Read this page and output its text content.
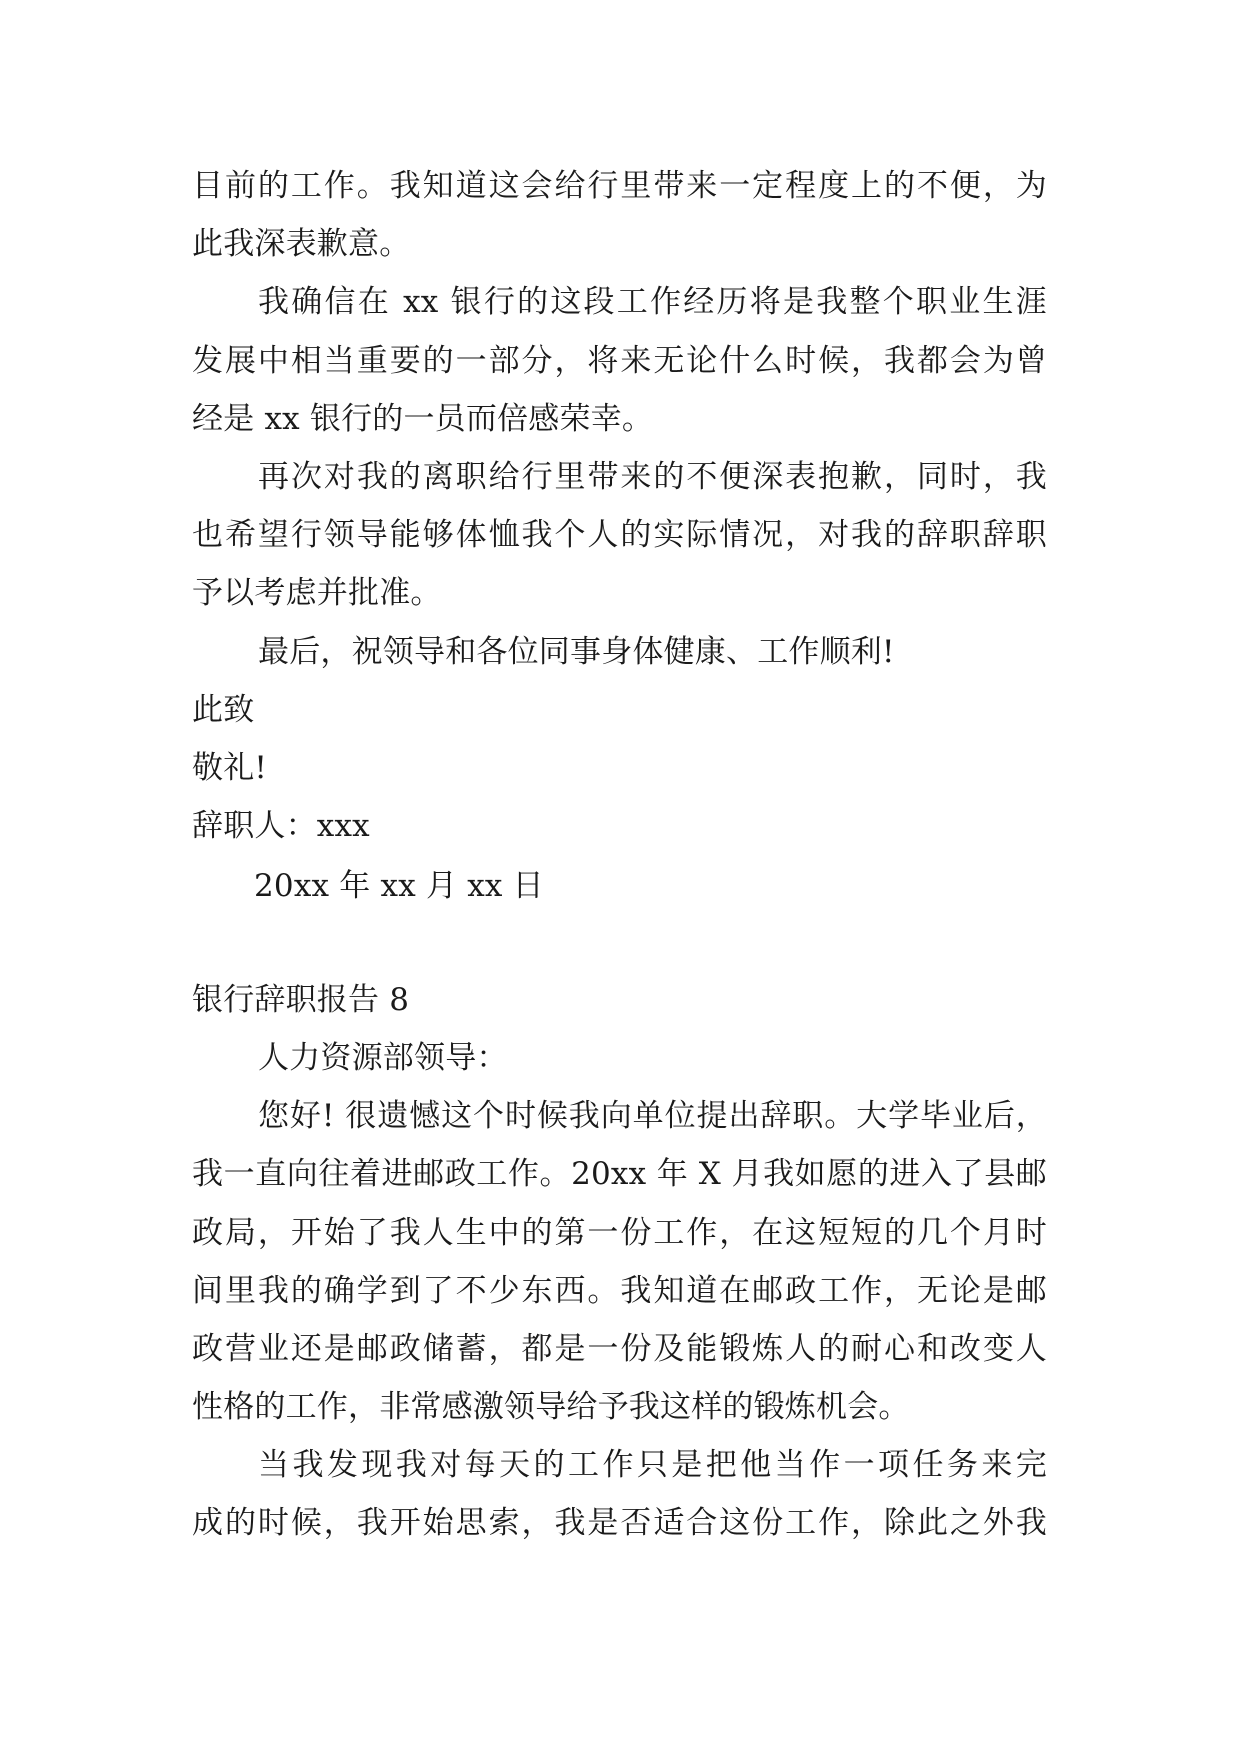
目前的工作。我知道这会给行里带来一定程度上的不便，为
此我深表歉意。
我确信在 xx 银行的这段工作经历将是我整个职业生涯
发展中相当重要的一部分，将来无论什么时候，我都会为曾
经是 xx 银行的一员而倍感荣幸。
再次对我的离职给行里带来的不便深表抱歉，同时，我
也希望行领导能够体恤我个人的实际情况，对我的辞职辞职
予以考虑并批准。
最后，祝领导和各位同事身体健康、工作顺利!
此致
敬礼!
辞职人：xxx
20xx 年 xx 月 xx 日
银行辞职报告 8
人力资源部领导：
您好! 很遗憾这个时候我向单位提出辞职。大学毕业后，
我一直向往着进邮政工作。20xx 年 X 月我如愿的进入了县邮
政局，开始了我人生中的第一份工作，在这短短的几个月时
间里我的确学到了不少东西。我知道在邮政工作，无论是邮
政营业还是邮政储蓄，都是一份及能锻炼人的耐心和改变人
性格的工作，非常感激领导给予我这样的锻炼机会。
当我发现我对每天的工作只是把他当作一项任务来完
成的时候，我开始思索，我是否适合这份工作，除此之外我
